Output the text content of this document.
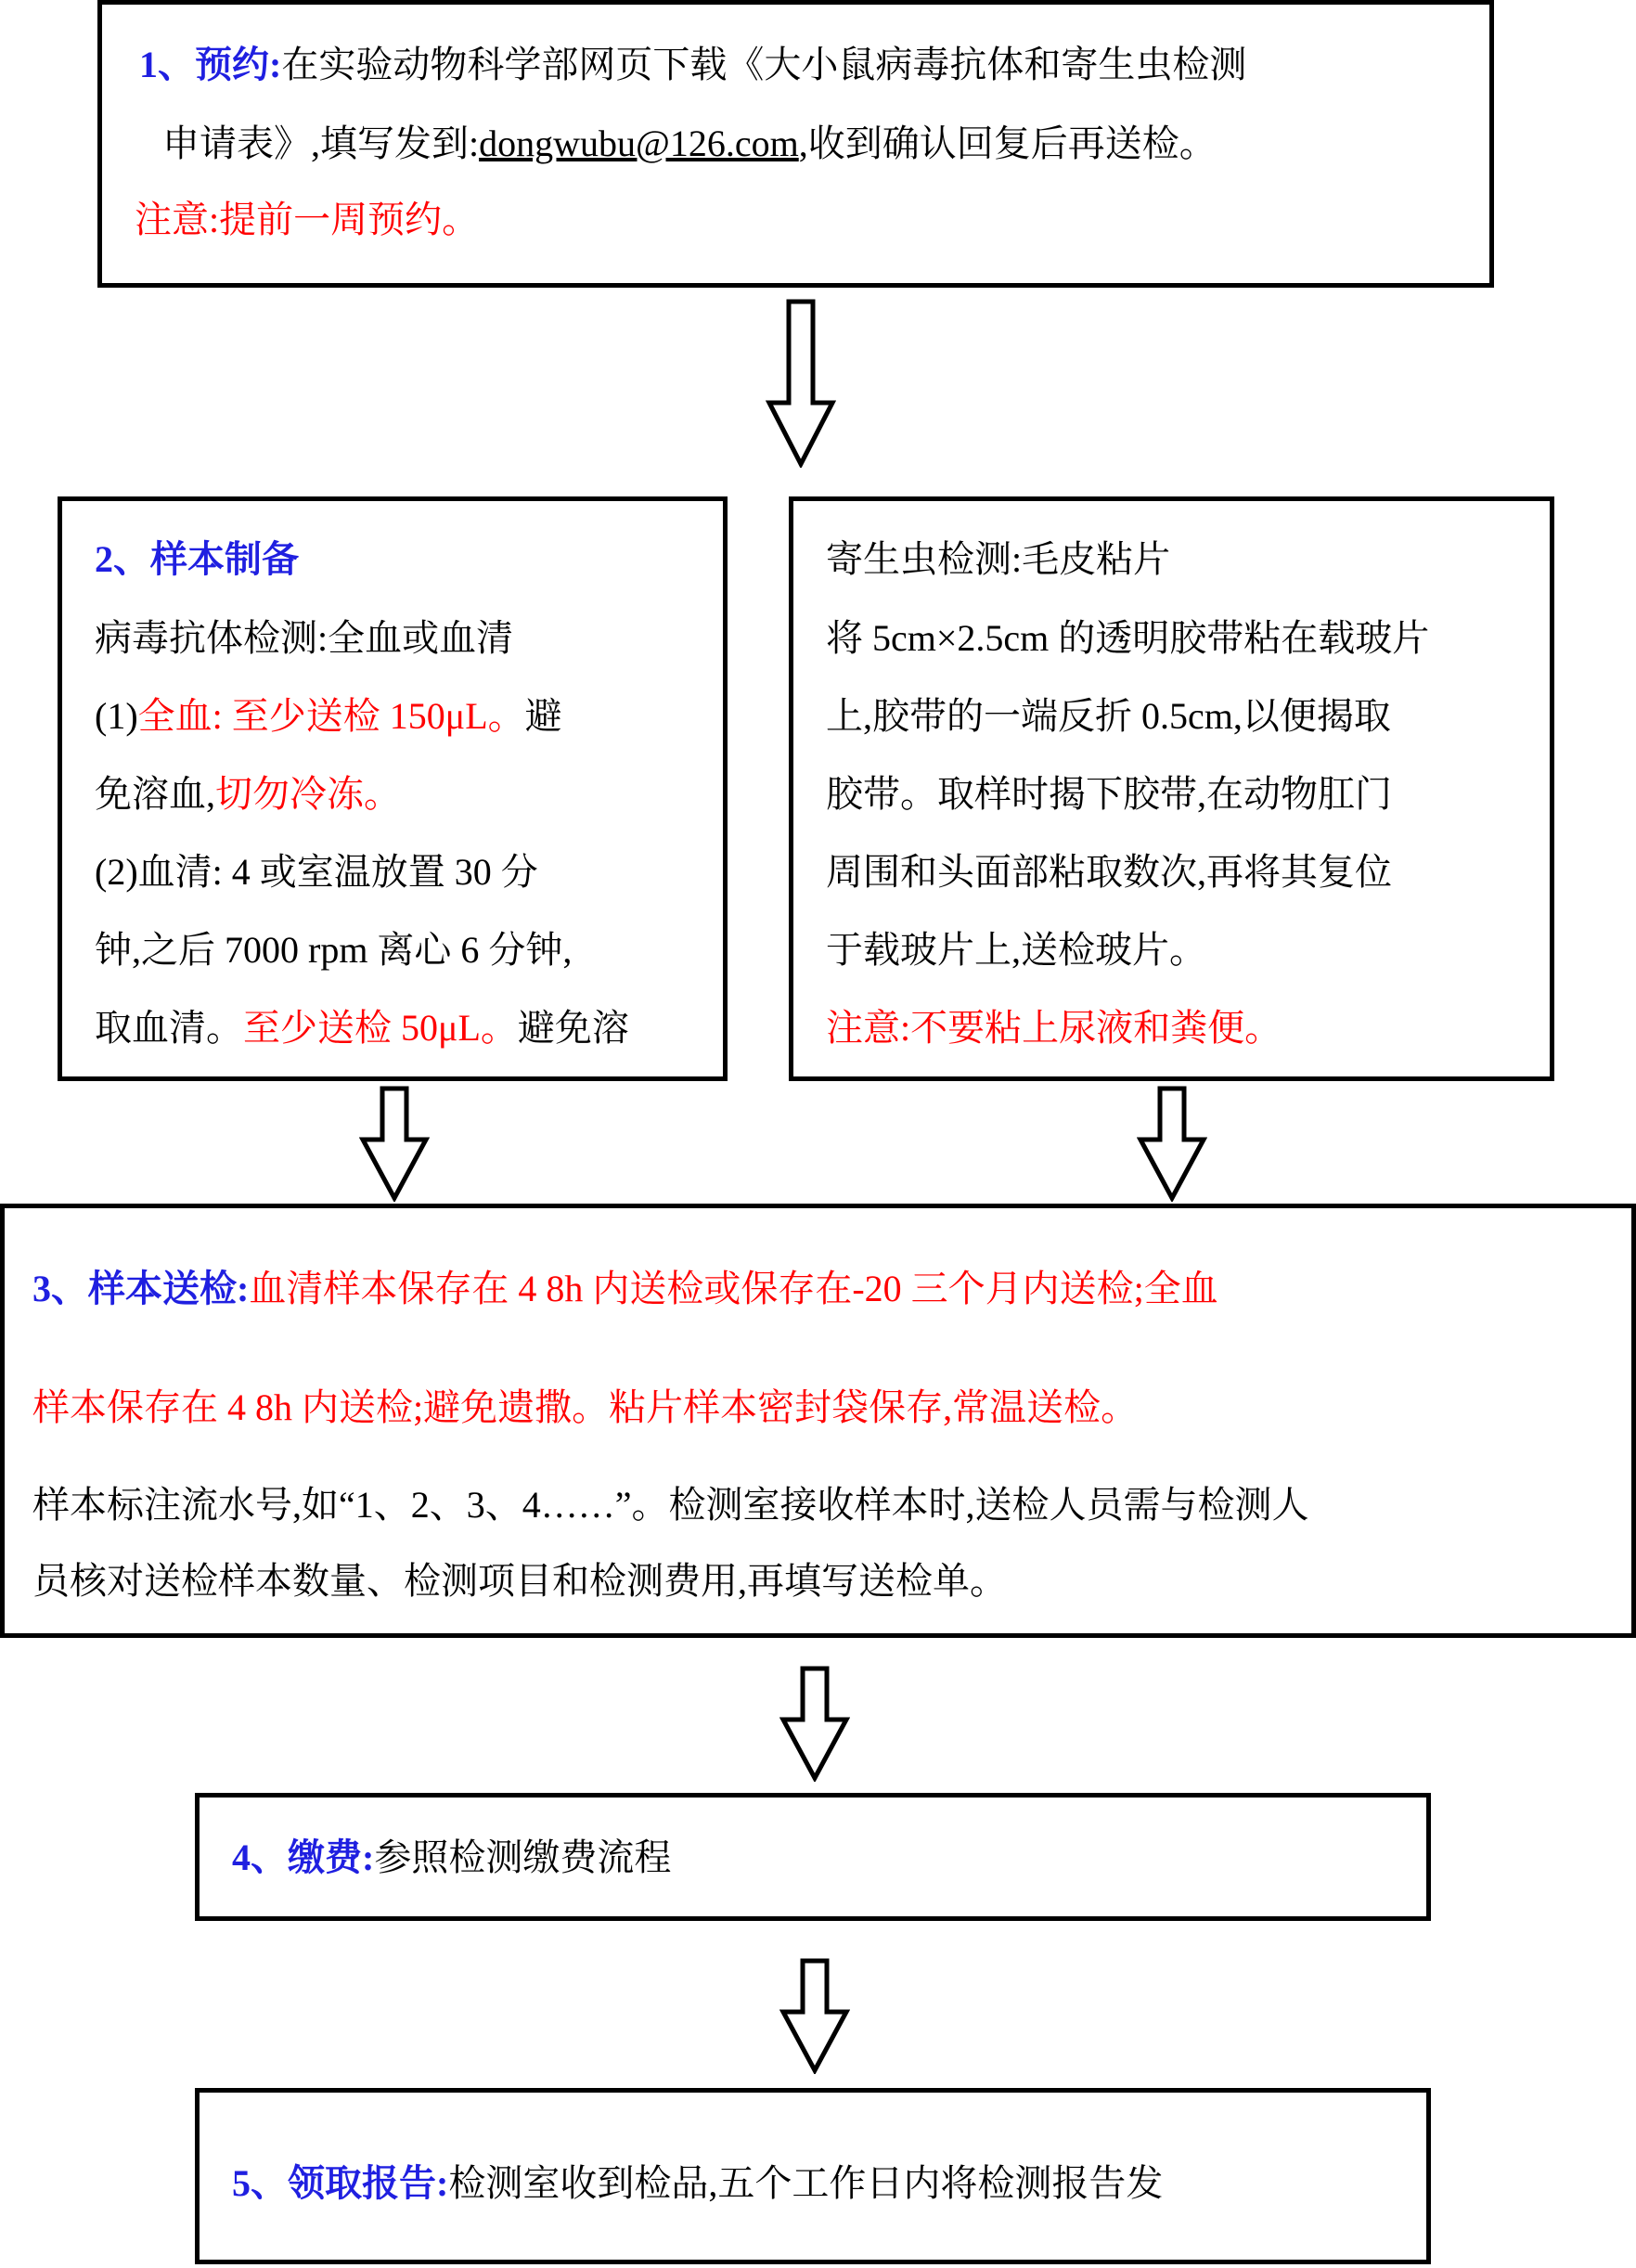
1、预约:在实验动物科学部网页下载《大小鼠病毒抗体和寄生虫检测
申请表》,填写发到:dongwubu@126.com,收到确认回复后再送检。
注意:提前一周预约。
2、样本制备
病毒抗体检测:全血或血清
(1)全血: 至少送检 150μL。避
免溶血,切勿冷冻。
(2)血清: 4 或室温放置 30 分
钟,之后 7000 rpm 离心 6 分钟,
取血清。至少送检 50μL。避免溶
寄生虫检测:毛皮粘片
将 5cm×2.5cm 的透明胶带粘在载玻片
上,胶带的一端反折 0.5cm,以便揭取
胶带。取样时揭下胶带,在动物肛门
周围和头面部粘取数次,再将其复位
于载玻片上,送检玻片。
注意:不要粘上尿液和粪便。
3、样本送检:血清样本保存在 4 8h 内送检或保存在-20 三个月内送检;全血
样本保存在 4 8h 内送检;避免遗撒。粘片样本密封袋保存,常温送检。
样本标注流水号,如“1、2、3、4……”。检测室接收样本时,送检人员需与检测人
员核对送检样本数量、检测项目和检测费用,再填写送检单。
4、缴费:参照检测缴费流程
5、领取报告:检测室收到检品,五个工作日内将检测报告发
